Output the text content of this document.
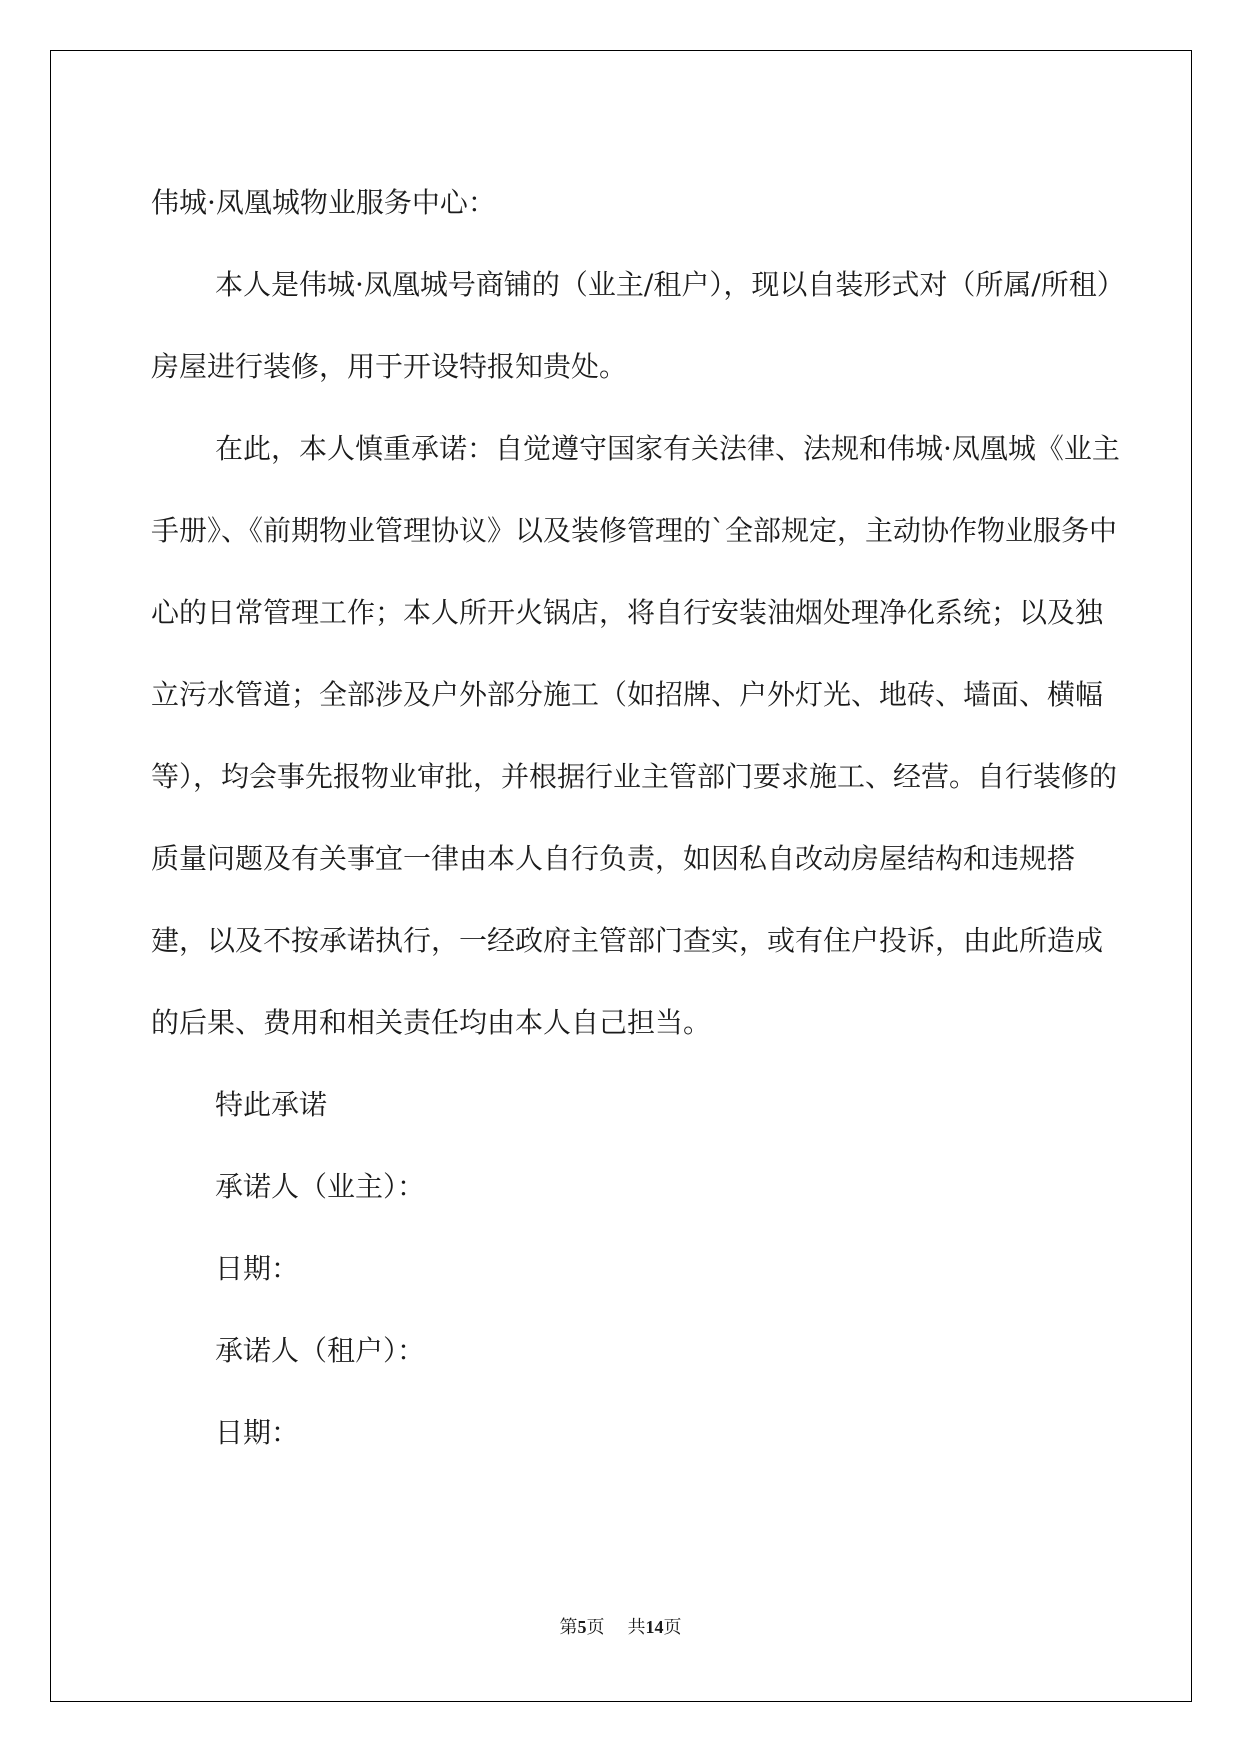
伟城·凤凰城物业服务中心：

本人是伟城·凤凰城号商铺的（业主/租户），现以自装形式对（所属/所租）房屋进行装修，用于开设特报知贵处。

在此，本人慎重承诺：自觉遵守国家有关法律、法规和伟城·凤凰城《业主手册》、《前期物业管理协议》以及装修管理的`全部规定，主动协作物业服务中心的日常管理工作；本人所开火锅店，将自行安装油烟处理净化系统；以及独立污水管道；全部涉及户外部分施工（如招牌、户外灯光、地砖、墙面、横幅等），均会事先报物业审批，并根据行业主管部门要求施工、经营。自行装修的质量问题及有关事宜一律由本人自行负责，如因私自改动房屋结构和违规搭建，以及不按承诺执行，一经政府主管部门查实，或有住户投诉，由此所造成的后果、费用和相关责任均由本人自己担当。

特此承诺

承诺人（业主）：

日期：

承诺人（租户）：

日期：

第5页 共14页
